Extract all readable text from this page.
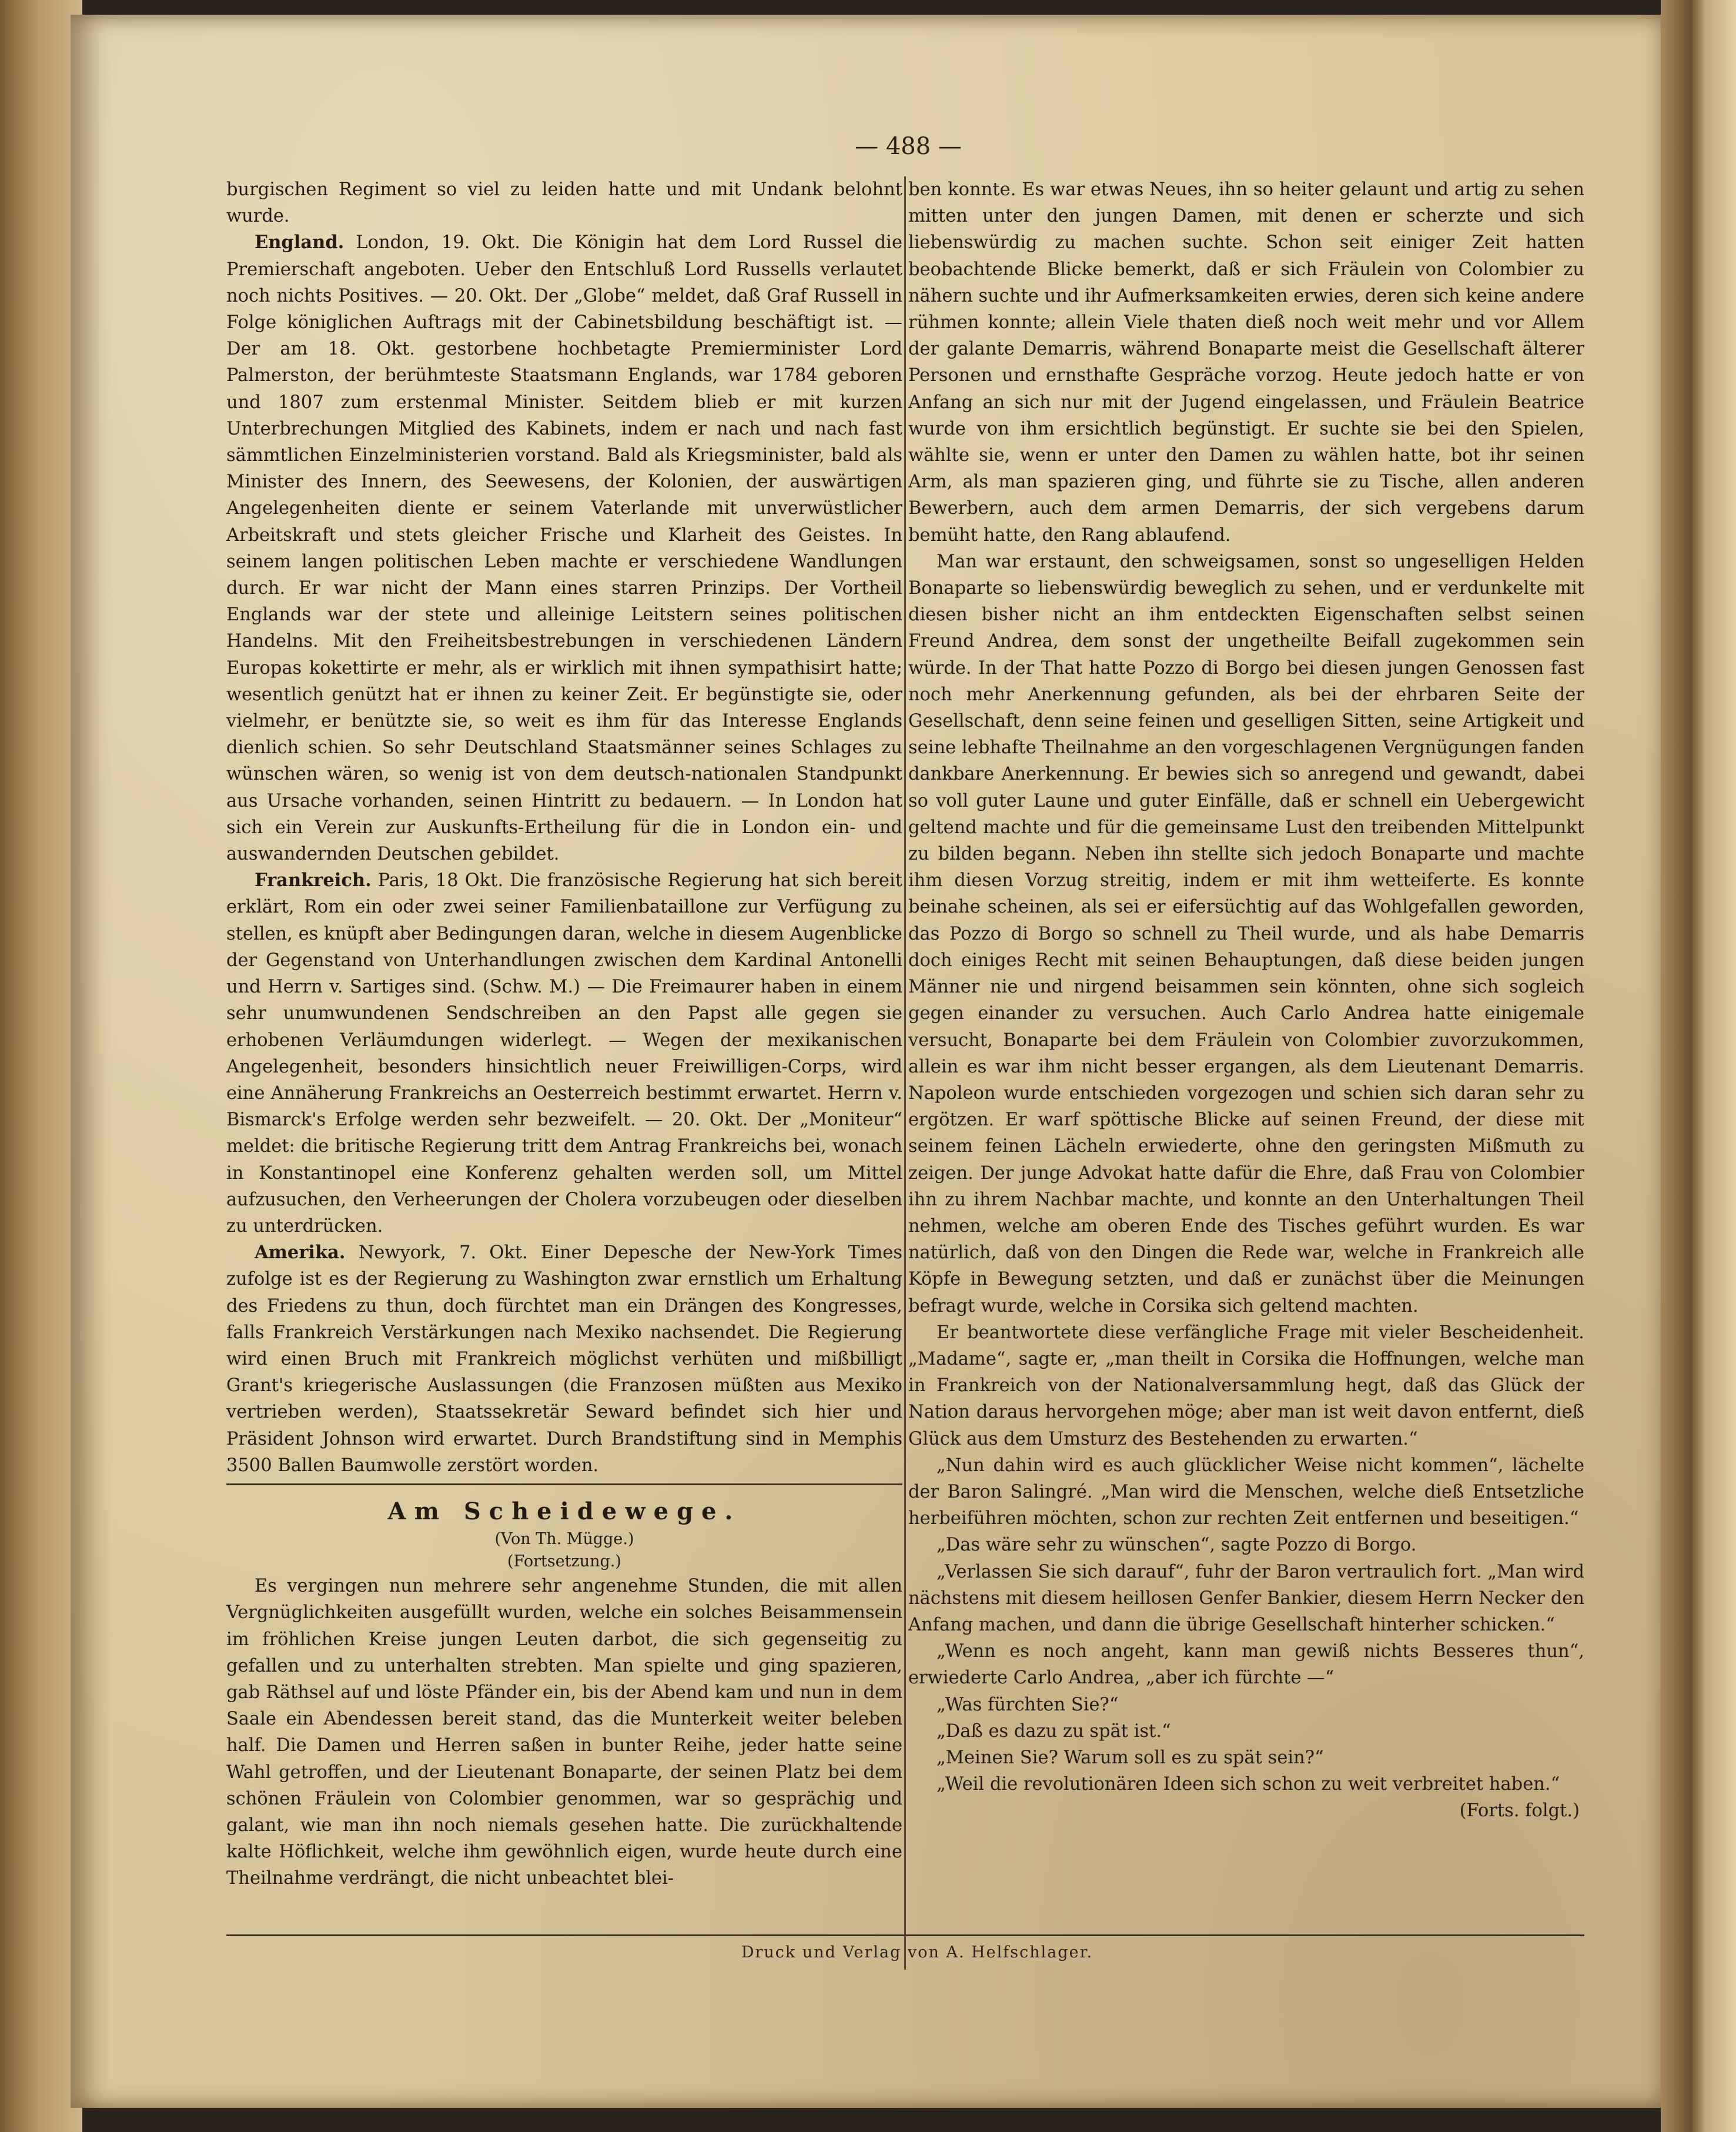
— 488 —

burgischen Regiment so viel zu leiden hatte und mit Undank belohnt wurde.

England. London, 19. Okt. Die Königin hat dem Lord Russel die Premierschaft angeboten. Ueber den Entschluß Lord Russells verlautet noch nichts Positives. — 20. Okt. Der „Globe“ meldet, daß Graf Russell in Folge königlichen Auftrags mit der Cabinetsbildung beschäftigt ist. — Der am 18. Okt. gestorbene hochbetagte Premierminister Lord Palmerston, der berühmteste Staatsmann Englands, war 1784 geboren und 1807 zum erstenmal Minister. Seitdem blieb er mit kurzen Unterbrechungen Mitglied des Kabinets, indem er nach und nach fast sämmtlichen Einzelministerien vorstand. Bald als Kriegsminister, bald als Minister des Innern, des Seewesens, der Kolonien, der auswärtigen Angelegenheiten diente er seinem Vaterlande mit unverwüstlicher Arbeitskraft und stets gleicher Frische und Klarheit des Geistes. In seinem langen politischen Leben machte er verschiedene Wandlungen durch. Er war nicht der Mann eines starren Prinzips. Der Vortheil Englands war der stete und alleinige Leitstern seines politischen Handelns. Mit den Freiheitsbestrebungen in verschiedenen Ländern Europas kokettirte er mehr, als er wirklich mit ihnen sympathisirt hatte; wesentlich genützt hat er ihnen zu keiner Zeit. Er begünstigte sie, oder vielmehr, er benützte sie, so weit es ihm für das Interesse Englands dienlich schien. So sehr Deutschland Staatsmänner seines Schlages zu wünschen wären, so wenig ist von dem deutsch-nationalen Standpunkt aus Ursache vorhanden, seinen Hintritt zu bedauern. — In London hat sich ein Verein zur Auskunfts-Ertheilung für die in London ein- und auswandernden Deutschen gebildet.

Frankreich. Paris, 18 Okt. Die französische Regierung hat sich bereit erklärt, Rom ein oder zwei seiner Familienbataillone zur Verfügung zu stellen, es knüpft aber Bedingungen daran, welche in diesem Augenblicke der Gegenstand von Unterhandlungen zwischen dem Kardinal Antonelli und Herrn v. Sartiges sind. (Schw. M.) — Die Freimaurer haben in einem sehr unumwundenen Sendschreiben an den Papst alle gegen sie erhobenen Verläumdungen widerlegt. — Wegen der mexikanischen Angelegenheit, besonders hinsichtlich neuer Freiwilligen-Corps, wird eine Annäherung Frankreichs an Oesterreich bestimmt erwartet. Herrn v. Bismarck's Erfolge werden sehr bezweifelt. — 20. Okt. Der „Moniteur“ meldet: die britische Regierung tritt dem Antrag Frankreichs bei, wonach in Konstantinopel eine Konferenz gehalten werden soll, um Mittel aufzusuchen, den Verheerungen der Cholera vorzubeugen oder dieselben zu unterdrücken.

Amerika. Newyork, 7. Okt. Einer Depesche der New-York Times zufolge ist es der Regierung zu Washington zwar ernstlich um Erhaltung des Friedens zu thun, doch fürchtet man ein Drängen des Kongresses, falls Frankreich Verstärkungen nach Mexiko nachsendet. Die Regierung wird einen Bruch mit Frankreich möglichst verhüten und mißbilligt Grant's kriegerische Auslassungen (die Franzosen müßten aus Mexiko vertrieben werden), Staatssekretär Seward befindet sich hier und Präsident Johnson wird erwartet. Durch Brandstiftung sind in Memphis 3500 Ballen Baumwolle zerstört worden.

Am Scheidewege.
(Von Th. Mügge.)
(Fortsetzung.)

Es vergingen nun mehrere sehr angenehme Stunden, die mit allen Vergnüglichkeiten ausgefüllt wurden, welche ein solches Beisammensein im fröhlichen Kreise jungen Leuten darbot, die sich gegenseitig zu gefallen und zu unterhalten strebten. Man spielte und ging spazieren, gab Räthsel auf und löste Pfänder ein, bis der Abend kam und nun in dem Saale ein Abendessen bereit stand, das die Munterkeit weiter beleben half. Die Damen und Herren saßen in bunter Reihe, jeder hatte seine Wahl getroffen, und der Lieutenant Bonaparte, der seinen Platz bei dem schönen Fräulein von Colombier genommen, war so gesprächig und galant, wie man ihn noch niemals gesehen hatte. Die zurückhaltende kalte Höflichkeit, welche ihm gewöhnlich eigen, wurde heute durch eine Theilnahme verdrängt, die nicht unbeachtet blei-

ben konnte. Es war etwas Neues, ihn so heiter gelaunt und artig zu sehen mitten unter den jungen Damen, mit denen er scherzte und sich liebenswürdig zu machen suchte. Schon seit einiger Zeit hatten beobachtende Blicke bemerkt, daß er sich Fräulein von Colombier zu nähern suchte und ihr Aufmerksamkeiten erwies, deren sich keine andere rühmen konnte; allein Viele thaten dieß noch weit mehr und vor Allem der galante Demarris, während Bonaparte meist die Gesellschaft älterer Personen und ernsthafte Gespräche vorzog. Heute jedoch hatte er von Anfang an sich nur mit der Jugend eingelassen, und Fräulein Beatrice wurde von ihm ersichtlich begünstigt. Er suchte sie bei den Spielen, wählte sie, wenn er unter den Damen zu wählen hatte, bot ihr seinen Arm, als man spazieren ging, und führte sie zu Tische, allen anderen Bewerbern, auch dem armen Demarris, der sich vergebens darum bemüht hatte, den Rang ablaufend.

Man war erstaunt, den schweigsamen, sonst so ungeselligen Helden Bonaparte so liebenswürdig beweglich zu sehen, und er verdunkelte mit diesen bisher nicht an ihm entdeckten Eigenschaften selbst seinen Freund Andrea, dem sonst der ungetheilte Beifall zugekommen sein würde. In der That hatte Pozzo di Borgo bei diesen jungen Genossen fast noch mehr Anerkennung gefunden, als bei der ehrbaren Seite der Gesellschaft, denn seine feinen und geselligen Sitten, seine Artigkeit und seine lebhafte Theilnahme an den vorgeschlagenen Vergnügungen fanden dankbare Anerkennung. Er bewies sich so anregend und gewandt, dabei so voll guter Laune und guter Einfälle, daß er schnell ein Uebergewicht geltend machte und für die gemeinsame Lust den treibenden Mittelpunkt zu bilden begann. Neben ihn stellte sich jedoch Bonaparte und machte ihm diesen Vorzug streitig, indem er mit ihm wetteiferte. Es konnte beinahe scheinen, als sei er eifersüchtig auf das Wohlgefallen geworden, das Pozzo di Borgo so schnell zu Theil wurde, und als habe Demarris doch einiges Recht mit seinen Behauptungen, daß diese beiden jungen Männer nie und nirgend beisammen sein könnten, ohne sich sogleich gegen einander zu versuchen. Auch Carlo Andrea hatte einigemale versucht, Bonaparte bei dem Fräulein von Colombier zuvorzukommen, allein es war ihm nicht besser ergangen, als dem Lieutenant Demarris. Napoleon wurde entschieden vorgezogen und schien sich daran sehr zu ergötzen. Er warf spöttische Blicke auf seinen Freund, der diese mit seinem feinen Lächeln erwiederte, ohne den geringsten Mißmuth zu zeigen. Der junge Advokat hatte dafür die Ehre, daß Frau von Colombier ihn zu ihrem Nachbar machte, und konnte an den Unterhaltungen Theil nehmen, welche am oberen Ende des Tisches geführt wurden. Es war natürlich, daß von den Dingen die Rede war, welche in Frankreich alle Köpfe in Bewegung setzten, und daß er zunächst über die Meinungen befragt wurde, welche in Corsika sich geltend machten.

Er beantwortete diese verfängliche Frage mit vieler Bescheidenheit. „Madame“, sagte er, „man theilt in Corsika die Hoffnungen, welche man in Frankreich von der Nationalversammlung hegt, daß das Glück der Nation daraus hervorgehen möge; aber man ist weit davon entfernt, dieß Glück aus dem Umsturz des Bestehenden zu erwarten.“

„Nun dahin wird es auch glücklicher Weise nicht kommen“, lächelte der Baron Salingré. „Man wird die Menschen, welche dieß Entsetzliche herbeiführen möchten, schon zur rechten Zeit entfernen und beseitigen.“

„Das wäre sehr zu wünschen“, sagte Pozzo di Borgo.

„Verlassen Sie sich darauf“, fuhr der Baron vertraulich fort. „Man wird nächstens mit diesem heillosen Genfer Bankier, diesem Herrn Necker den Anfang machen, und dann die übrige Gesellschaft hinterher schicken.“

„Wenn es noch angeht, kann man gewiß nichts Besseres thun“, erwiederte Carlo Andrea, „aber ich fürchte —“

„Was fürchten Sie?“

„Daß es dazu zu spät ist.“

„Meinen Sie? Warum soll es zu spät sein?“

„Weil die revolutionären Ideen sich schon zu weit verbreitet haben.“

(Forts. folgt.)

Druck und Verlag von A. Helfschlager.
